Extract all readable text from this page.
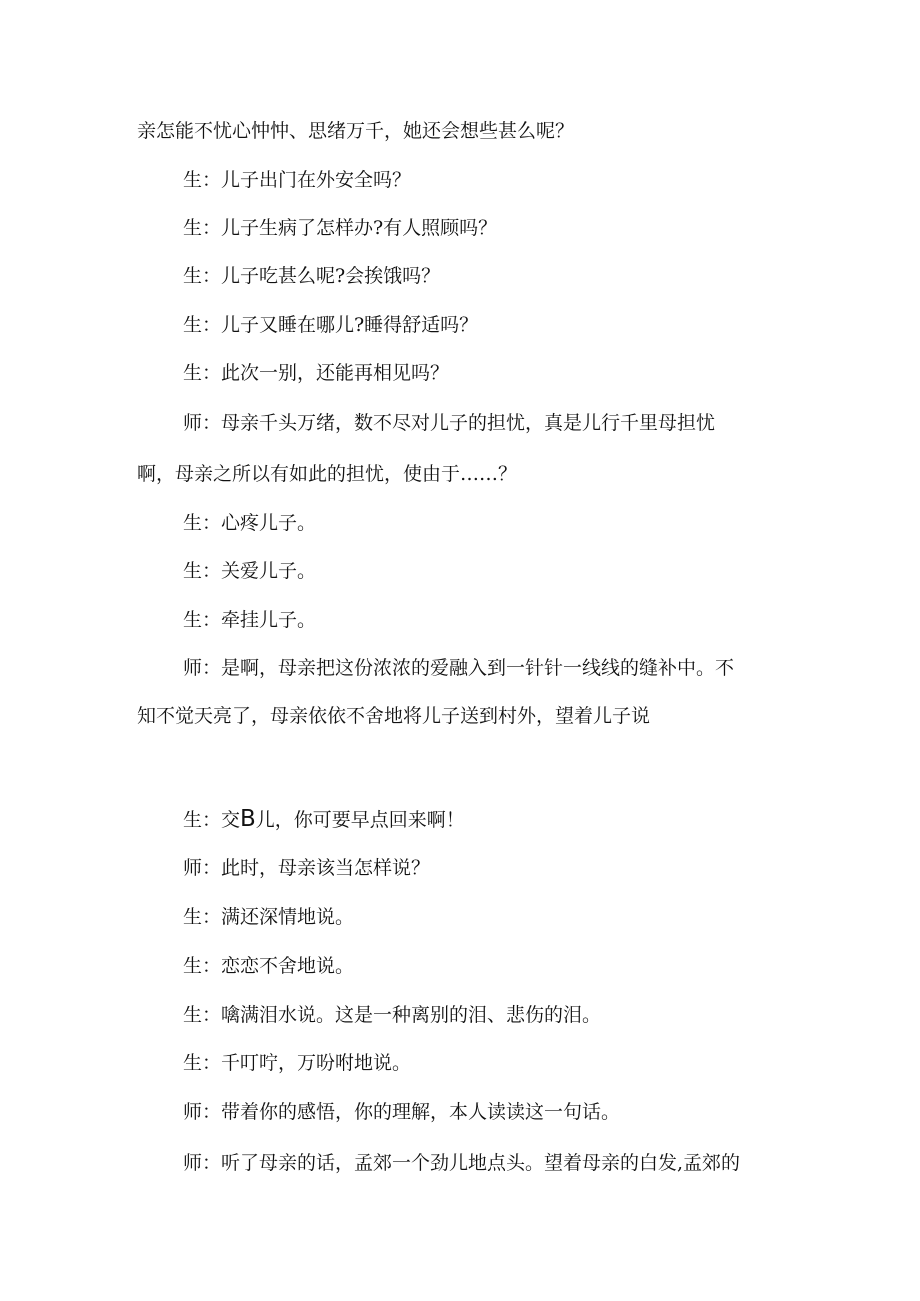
亲怎能不忧心忡忡、思绪万千，她还会想些甚么呢？
生：儿子出门在外安全吗？
生：儿子生病了怎样办?有人照顾吗？
生：儿子吃甚么呢?会挨饿吗？
生：儿子又睡在哪儿?睡得舒适吗？
生：此次一别，还能再相见吗？
师：母亲千头万绪，数不尽对儿子的担忧，真是儿行千里母担忧
啊，母亲之所以有如此的担忧，使由于……？
生：心疼儿子。
生：关爱儿子。
生：牵挂儿子。
师：是啊，母亲把这份浓浓的爱融入到一针针一线线的缝补中。不
知不觉天亮了，母亲依依不舍地将儿子送到村外，望着儿子说
生：交B儿，你可要早点回来啊！
师：此时，母亲该当怎样说？
生：满还深情地说。
生：恋恋不舍地说。
生：噙满泪水说。这是一种离别的泪、悲伤的泪。
生：千叮咛，万吩咐地说。
师：带着你的感悟，你的理解，本人读读这一句话。
师：听了母亲的话，孟郊一个劲儿地点头。望着母亲的白发,孟郊的
